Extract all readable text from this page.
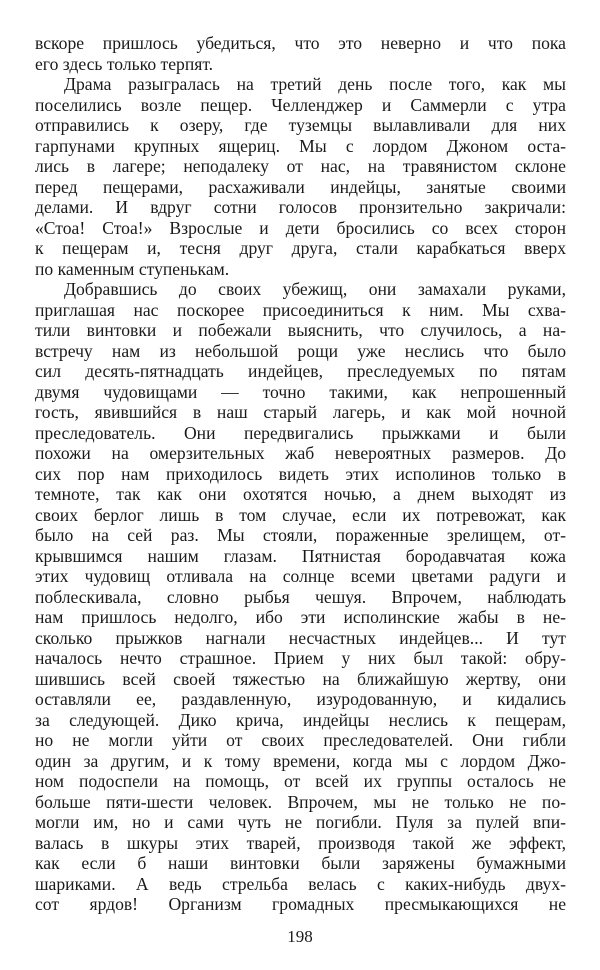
вскоре пришлось убедиться, что это неверно и что пока
его здесь только терпят.
Драма разыгралась на третий день после того, как мы
поселились возле пещер. Челленджер и Саммерли с утра
отправились к озеру, где туземцы вылавливали для них
гарпунами крупных ящериц. Мы с лордом Джоном оста-
лись в лагере; неподалеку от нас, на травянистом склоне
перед пещерами, расхаживали индейцы, занятые своими
делами. И вдруг сотни голосов пронзительно закричали:
«Стоа! Стоа!» Взрослые и дети бросились со всех сторон
к пещерам и, тесня друг друга, стали карабкаться вверх
по каменным ступенькам.
Добравшись до своих убежищ, они замахали руками,
приглашая нас поскорее присоединиться к ним. Мы схва-
тили винтовки и побежали выяснить, что случилось, а на-
встречу нам из небольшой рощи уже неслись что было
сил десять-пятнадцать индейцев, преследуемых по пятам
двумя чудовищами — точно такими, как непрошенный
гость, явившийся в наш старый лагерь, и как мой ночной
преследователь. Они передвигались прыжками и были
похожи на омерзительных жаб невероятных размеров. До
сих пор нам приходилось видеть этих исполинов только в
темноте, так как они охотятся ночью, а днем выходят из
своих берлог лишь в том случае, если их потревожат, как
было на сей раз. Мы стояли, пораженные зрелищем, от-
крывшимся нашим глазам. Пятнистая бородавчатая кожа
этих чудовищ отливала на солнце всеми цветами радуги и
поблескивала, словно рыбья чешуя. Впрочем, наблюдать
нам пришлось недолго, ибо эти исполинские жабы в не-
сколько прыжков нагнали несчастных индейцев... И тут
началось нечто страшное. Прием у них был такой: обру-
шившись всей своей тяжестью на ближайшую жертву, они
оставляли ее, раздавленную, изуродованную, и кидались
за следующей. Дико крича, индейцы неслись к пещерам,
но не могли уйти от своих преследователей. Они гибли
один за другим, и к тому времени, когда мы с лордом Джо-
ном подоспели на помощь, от всей их группы осталось не
больше пяти-шести человек. Впрочем, мы не только не по-
могли им, но и сами чуть не погибли. Пуля за пулей впи-
валась в шкуры этих тварей, производя такой же эффект,
как если б наши винтовки были заряжены бумажными
шариками. А ведь стрельба велась с каких-нибудь двух-
сот ярдов! Организм громадных пресмыкающихся не
198
